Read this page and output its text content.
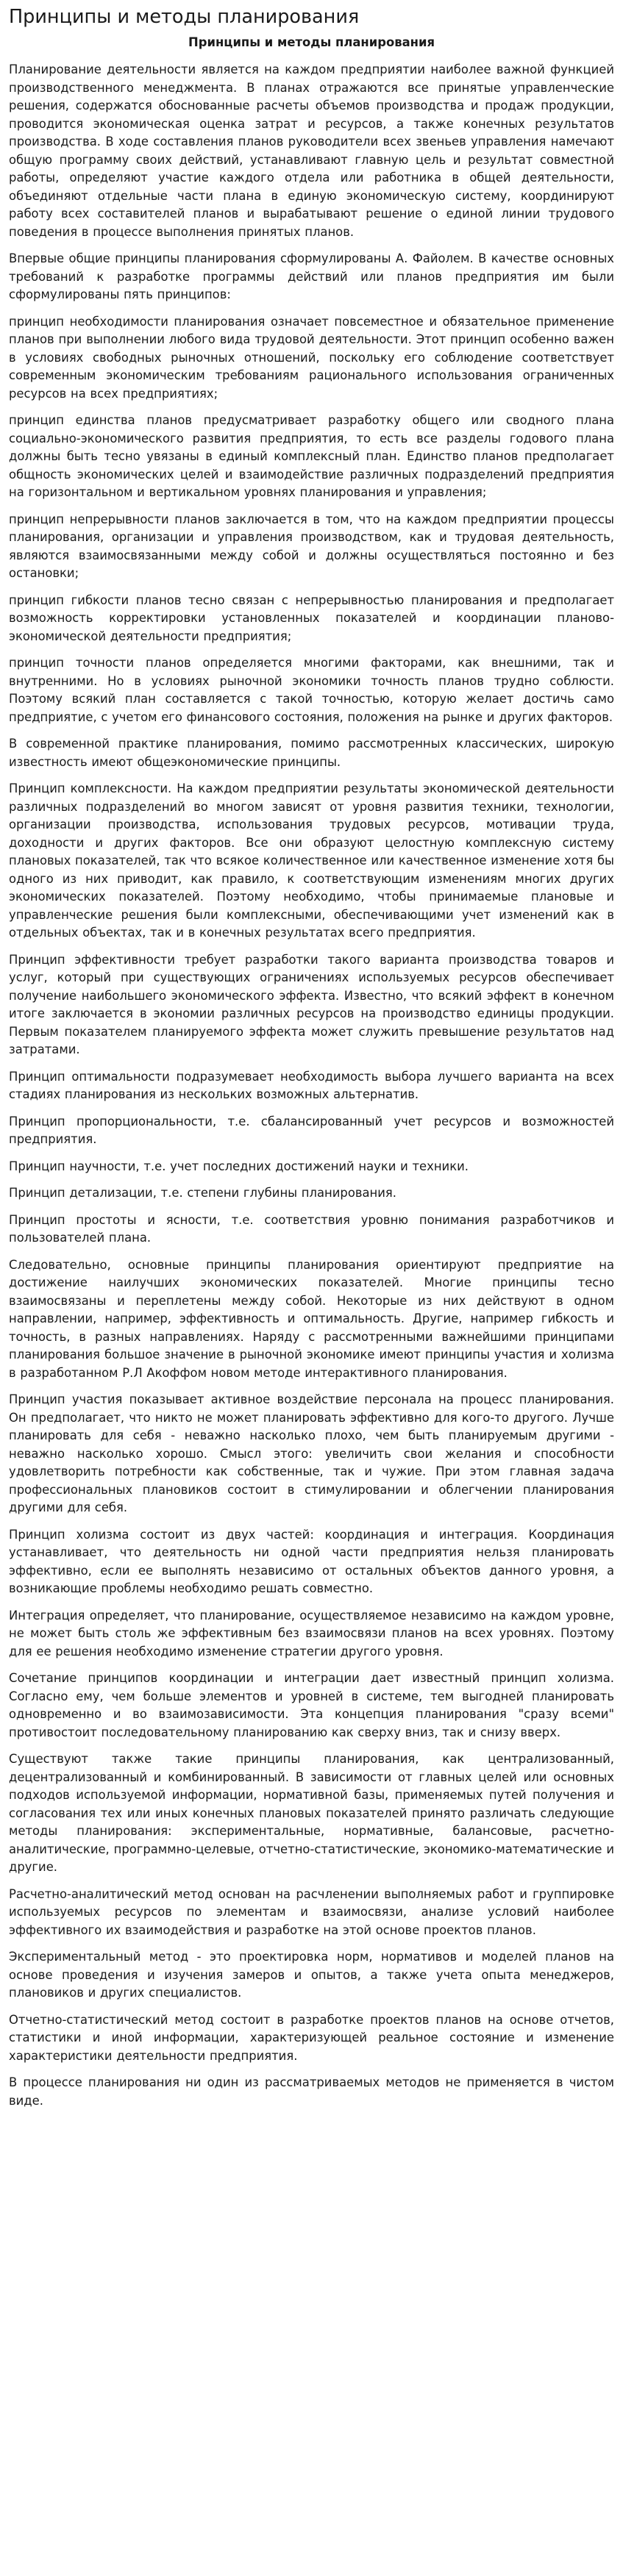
Принципы и методы планирования
Принципы и методы планирования

Планирование деятельности является на каждом предприятии наиболее важной функцией производственного менеджмента. В планах отражаются все принятые управленческие решения, содержатся обоснованные расчеты объемов производства и продаж продукции, проводится экономическая оценка затрат и ресурсов, а также конечных результатов производства. В ходе составления планов руководители всех звеньев управления намечают общую программу своих действий, устанавливают главную цель и результат совместной работы, определяют участие каждого отдела или работника в общей деятельности, объединяют отдельные части плана в единую экономическую систему, координируют работу всех составителей планов и вырабатывают решение о единой линии трудового поведения в процессе выполнения принятых планов.

Впервые общие принципы планирования сформулированы А. Файолем. В качестве основных требований к разработке программы действий или планов предприятия им были сформулированы пять принципов:

принцип необходимости планирования означает повсеместное и обязательное применение планов при выполнении любого вида трудовой деятельности. Этот принцип особенно важен в условиях свободных рыночных отношений, поскольку его соблюдение соответствует современным экономическим требованиям рационального использования ограниченных ресурсов на всех предприятиях;

принцип единства планов предусматривает разработку общего или сводного плана социально-экономического развития предприятия, то есть все разделы годового плана должны быть тесно увязаны в единый комплексный план. Единство планов предполагает общность экономических целей и взаимодействие различных подразделений предприятия на горизонтальном и вертикальном уровнях планирования и управления;

принцип непрерывности планов заключается в том, что на каждом предприятии процессы планирования, организации и управления производством, как и трудовая деятельность, являются взаимосвязанными между собой и должны осуществляться постоянно и без остановки;

принцип гибкости планов тесно связан с непрерывностью планирования и предполагает возможность корректировки установленных показателей и координации планово-экономической деятельности предприятия;

принцип точности планов определяется многими факторами, как внешними, так и внутренними. Но в условиях рыночной экономики точность планов трудно соблюсти. Поэтому всякий план составляется с такой точностью, которую желает достичь само предприятие, с учетом его финансового состояния, положения на рынке и других факторов.

В современной практике планирования, помимо рассмотренных классических, широкую известность имеют общеэкономические принципы.

Принцип комплексности. На каждом предприятии результаты экономической деятельности различных подразделений во многом зависят от уровня развития техники, технологии, организации производства, использования трудовых ресурсов, мотивации труда, доходности и других факторов. Все они образуют целостную комплексную систему плановых показателей, так что всякое количественное или качественное изменение хотя бы одного из них приводит, как правило, к соответствующим изменениям многих других экономических показателей. Поэтому необходимо, чтобы принимаемые плановые и управленческие решения были комплексными, обеспечивающими учет изменений как в отдельных объектах, так и в конечных результатах всего предприятия.

Принцип эффективности требует разработки такого варианта производства товаров и услуг, который при существующих ограничениях используемых ресурсов обеспечивает получение наибольшего экономического эффекта. Известно, что всякий эффект в конечном итоге заключается в экономии различных ресурсов на производство единицы продукции. Первым показателем планируемого эффекта может служить превышение результатов над затратами.

Принцип оптимальности подразумевает необходимость выбора лучшего варианта на всех стадиях планирования из нескольких возможных альтернатив.

Принцип пропорциональности, т.е. сбалансированный учет ресурсов и возможностей предприятия.

Принцип научности, т.е. учет последних достижений науки и техники.

Принцип детализации, т.е. степени глубины планирования.

Принцип простоты и ясности, т.е. соответствия уровню понимания разработчиков и пользователей плана.

Следовательно, основные принципы планирования ориентируют предприятие на достижение наилучших экономических показателей. Многие принципы тесно взаимосвязаны и переплетены между собой. Некоторые из них действуют в одном направлении, например, эффективность и оптимальность. Другие, например гибкость и точность, в разных направлениях. Наряду с рассмотренными важнейшими принципами планирования большое значение в рыночной экономике имеют принципы участия и холизма в разработанном Р.Л Акоффом новом методе интерактивного планирования.

Принцип участия показывает активное воздействие персонала на процесс планирования. Он предполагает, что никто не может планировать эффективно для кого-то другого. Лучше планировать для себя - неважно насколько плохо, чем быть планируемым другими - неважно насколько хорошо. Смысл этого: увеличить свои желания и способности удовлетворить потребности как собственные, так и чужие. При этом главная задача профессиональных плановиков состоит в стимулировании и облегчении планирования другими для себя.

Принцип холизма состоит из двух частей: координация и интеграция. Координация устанавливает, что деятельность ни одной части предприятия нельзя планировать эффективно, если ее выполнять независимо от остальных объектов данного уровня, а возникающие проблемы необходимо решать совместно.

Интеграция определяет, что планирование, осуществляемое независимо на каждом уровне, не может быть столь же эффективным без взаимосвязи планов на всех уровнях. Поэтому для ее решения необходимо изменение стратегии другого уровня.

Сочетание принципов координации и интеграции дает известный принцип холизма. Согласно ему, чем больше элементов и уровней в системе, тем выгодней планировать одновременно и во взаимозависимости. Эта концепция планирования "сразу всеми" противостоит последовательному планированию как сверху вниз, так и снизу вверх.

Существуют также такие принципы планирования, как централизованный, децентрализованный и комбинированный. В зависимости от главных целей или основных подходов используемой информации, нормативной базы, применяемых путей получения и согласования тех или иных конечных плановых показателей принято различать следующие методы планирования: экспериментальные, нормативные, балансовые, расчетно-аналитические, программно-целевые, отчетно-статистические, экономико-математические и другие.

Расчетно-аналитический метод основан на расчленении выполняемых работ и группировке используемых ресурсов по элементам и взаимосвязи, анализе условий наиболее эффективного их взаимодействия и разработке на этой основе проектов планов.

Экспериментальный метод - это проектировка норм, нормативов и моделей планов на основе проведения и изучения замеров и опытов, а также учета опыта менеджеров, плановиков и других специалистов.

Отчетно-статистический метод состоит в разработке проектов планов на основе отчетов, статистики и иной информации, характеризующей реальное состояние и изменение характеристики деятельности предприятия.

В процессе планирования ни один из рассматриваемых методов не применяется в чистом виде.
